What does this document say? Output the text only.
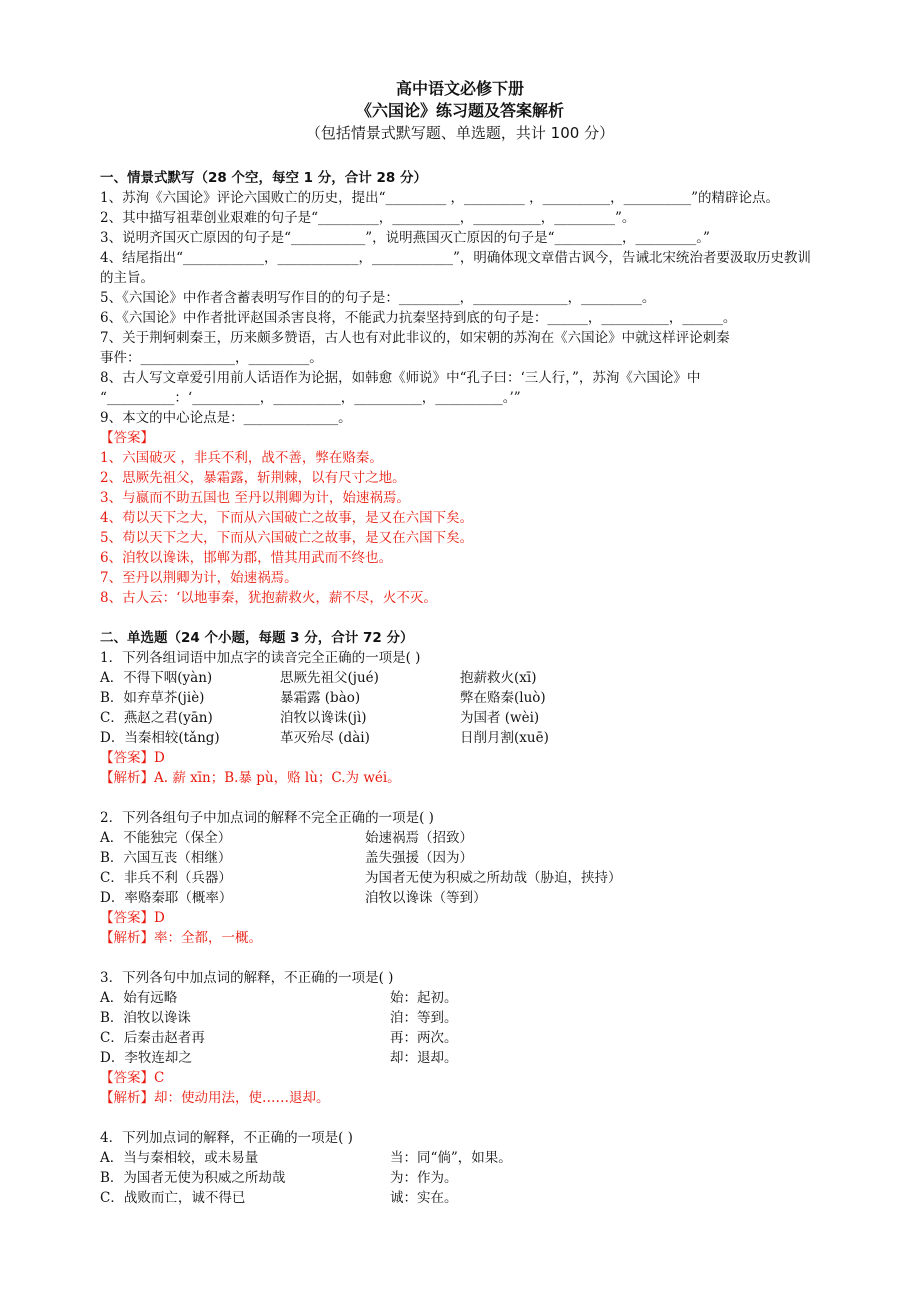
高中语文必修下册
《六国论》练习题及答案解析
（包括情景式默写题、单选题，共计 100 分）
一、情景式默写（28 个空，每空 1 分，合计 28 分）
1、苏洵《六国论》评论六国败亡的历史，提出“_________ ，_________ ，__________，__________”的精辟论点。
2、其中描写祖辈创业艰难的句子是“_________，__________，__________，_________”。
3、说明齐国灭亡原因的句子是“___________”，说明燕国灭亡原因的句子是“__________，_________。”
4、结尾指出“____________，____________，____________”，明确体现文章借古讽今，告诫北宋统治者要汲取历史教训的主旨。
5、《六国论》中作者含蓄表明写作目的的句子是：_________，______________，_________。
6、《六国论》中作者批评赵国杀害良将，不能武力抗秦坚持到底的句子是：______，__________，______。
7、关于荆轲刺秦王，历来颇多赞语，古人也有对此非议的，如宋朝的苏洵在《六国论》中就这样评论刺秦
事件：______________，_________。
8、古人写文章爱引用前人话语作为论据，如韩愈《师说》中“孔子曰：‘三人行，”，苏洵《六国论》中
“__________：‘__________，__________，__________，__________。’”
9、本文的中心论点是：______________。
【答案】
1、六国破灭 ，非兵不利，战不善，弊在赂秦。
2、思厥先祖父，暴霜露，斩荆棘，以有尺寸之地。
3、与嬴而不助五国也 至丹以荆卿为计，始速祸焉。
4、苟以天下之大，下而从六国破亡之故事，是又在六国下矣。
5、苟以天下之大，下而从六国破亡之故事，是又在六国下矣。
6、洎牧以谗诛，邯郸为郡，惜其用武而不终也。
7、至丹以荆卿为计，始速祸焉。
8、古人云：‘以地事秦，犹抱薪救火，薪不尽，火不灭。
二、单选题（24 个小题，每题 3 分，合计 72 分）
1．下列各组词语中加点字的读音完全正确的一项是( )
A．不得下咽(yàn)	思厥先祖父(jué)	抱薪救火(xī)
B．如弃草芥(jiè)	暴霜露 (bào)	弊在赂秦(luò)
C．燕赵之君(yān)	洎牧以谗诛(jì)	为国者 (wèi)
D．当秦相较(tǎng)	革灭殆尽 (dài)	日削月割(xuē)
【答案】D
【解析】A. 薪 xīn；B.暴 pù，赂 lù；C.为 wéi。
2．下列各组句子中加点词的解释不完全正确的一项是( )
A．不能独完（保全）	始速祸焉（招致）
B．六国互丧（相继）	盖失强援（因为）
C．非兵不利（兵器）	为国者无使为积威之所劫哉（胁迫，挟持）
D．率赂秦耶（概率）	洎牧以谗诛（等到）
【答案】D
【解析】率：全都，一概。
3．下列各句中加点词的解释，不正确的一项是( )
A．始有远略	始：起初。
B．洎牧以谗诛	洎：等到。
C．后秦击赵者再	再：两次。
D．李牧连却之	却：退却。
【答案】C
【解析】却：使动用法，使……退却。
4．下列加点词的解释，不正确的一项是( )
A．当与秦相较，或未易量	当：同“倘”，如果。
B．为国者无使为积威之所劫哉	为：作为。
C．战败而亡，诚不得已	诚：实在。
